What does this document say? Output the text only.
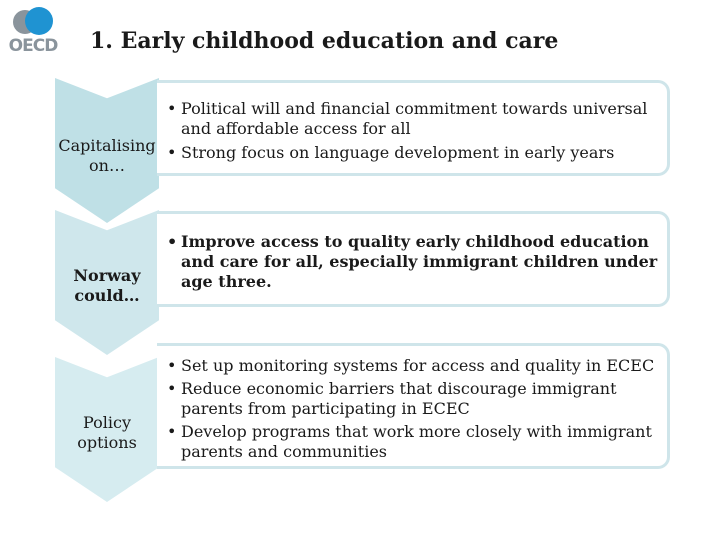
OECD 1. Early childhood education and care
Capitalising on…
• Political will and financial commitment towards universal and affordable access for all
• Strong focus on language development in early years
Norway could…
• Improve access to quality early childhood education and care for all, especially immigrant children under age three.
Policy options
• Set up monitoring systems for access and quality in ECEC
• Reduce economic barriers that discourage immigrant parents from participating in ECEC
• Develop programs that work more closely with immigrant parents and communities
